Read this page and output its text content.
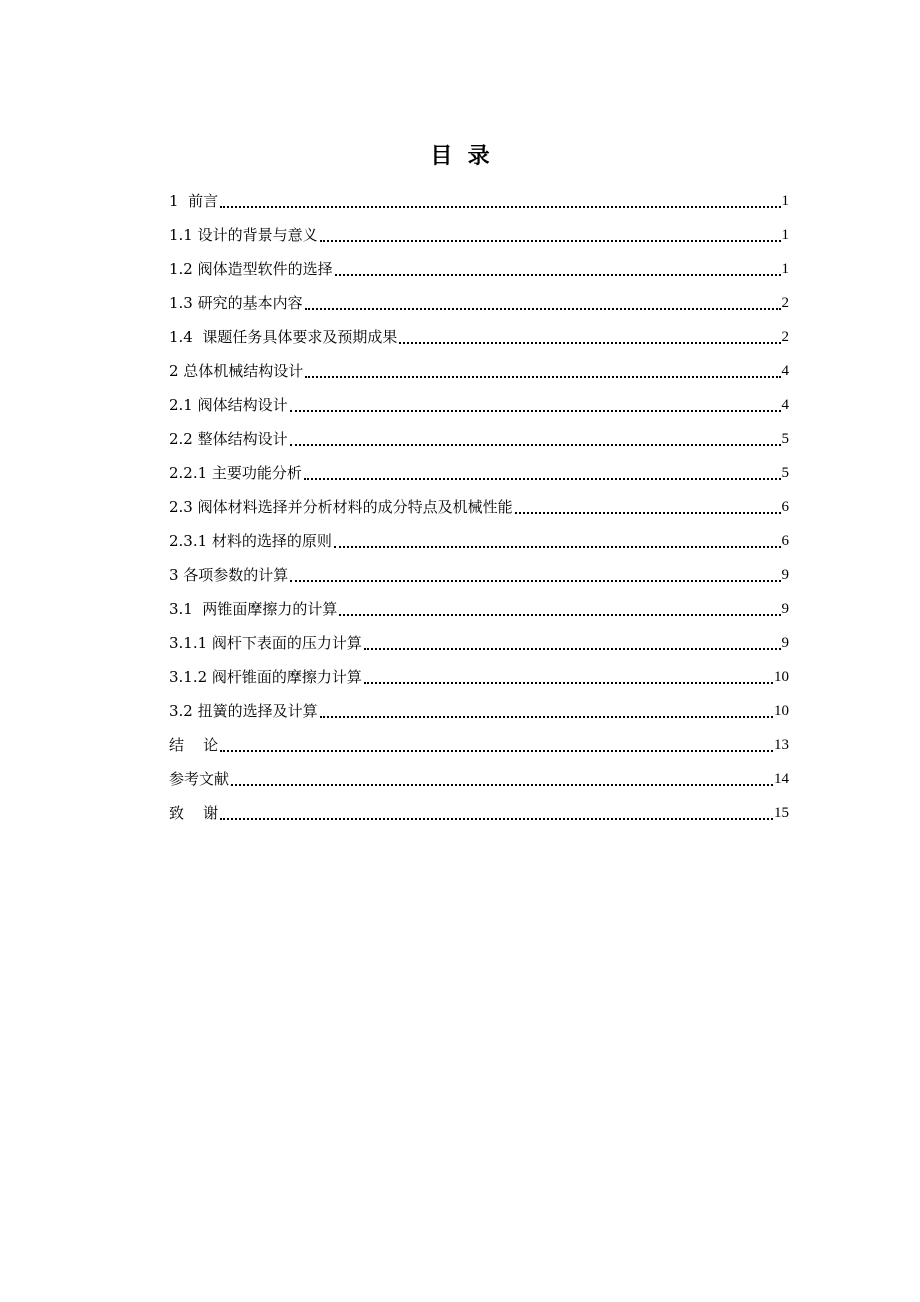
目  录
1  前言	1
1.1 设计的背景与意义	1
1.2 阀体造型软件的选择	1
1.3 研究的基本内容	2
1.4  课题任务具体要求及预期成果	2
2 总体机械结构设计	4
2.1 阀体结构设计	4
2.2 整体结构设计	5
2.2.1 主要功能分析	5
2.3 阀体材料选择并分析材料的成分特点及机械性能	6
2.3.1 材料的选择的原则	6
3 各项参数的计算	9
3.1  两锥面摩擦力的计算	9
3.1.1 阀杆下表面的压力计算	9
3.1.2 阀杆锥面的摩擦力计算	10
3.2 扭簧的选择及计算	10
结    论	13
参考文献	14
致    谢	15
